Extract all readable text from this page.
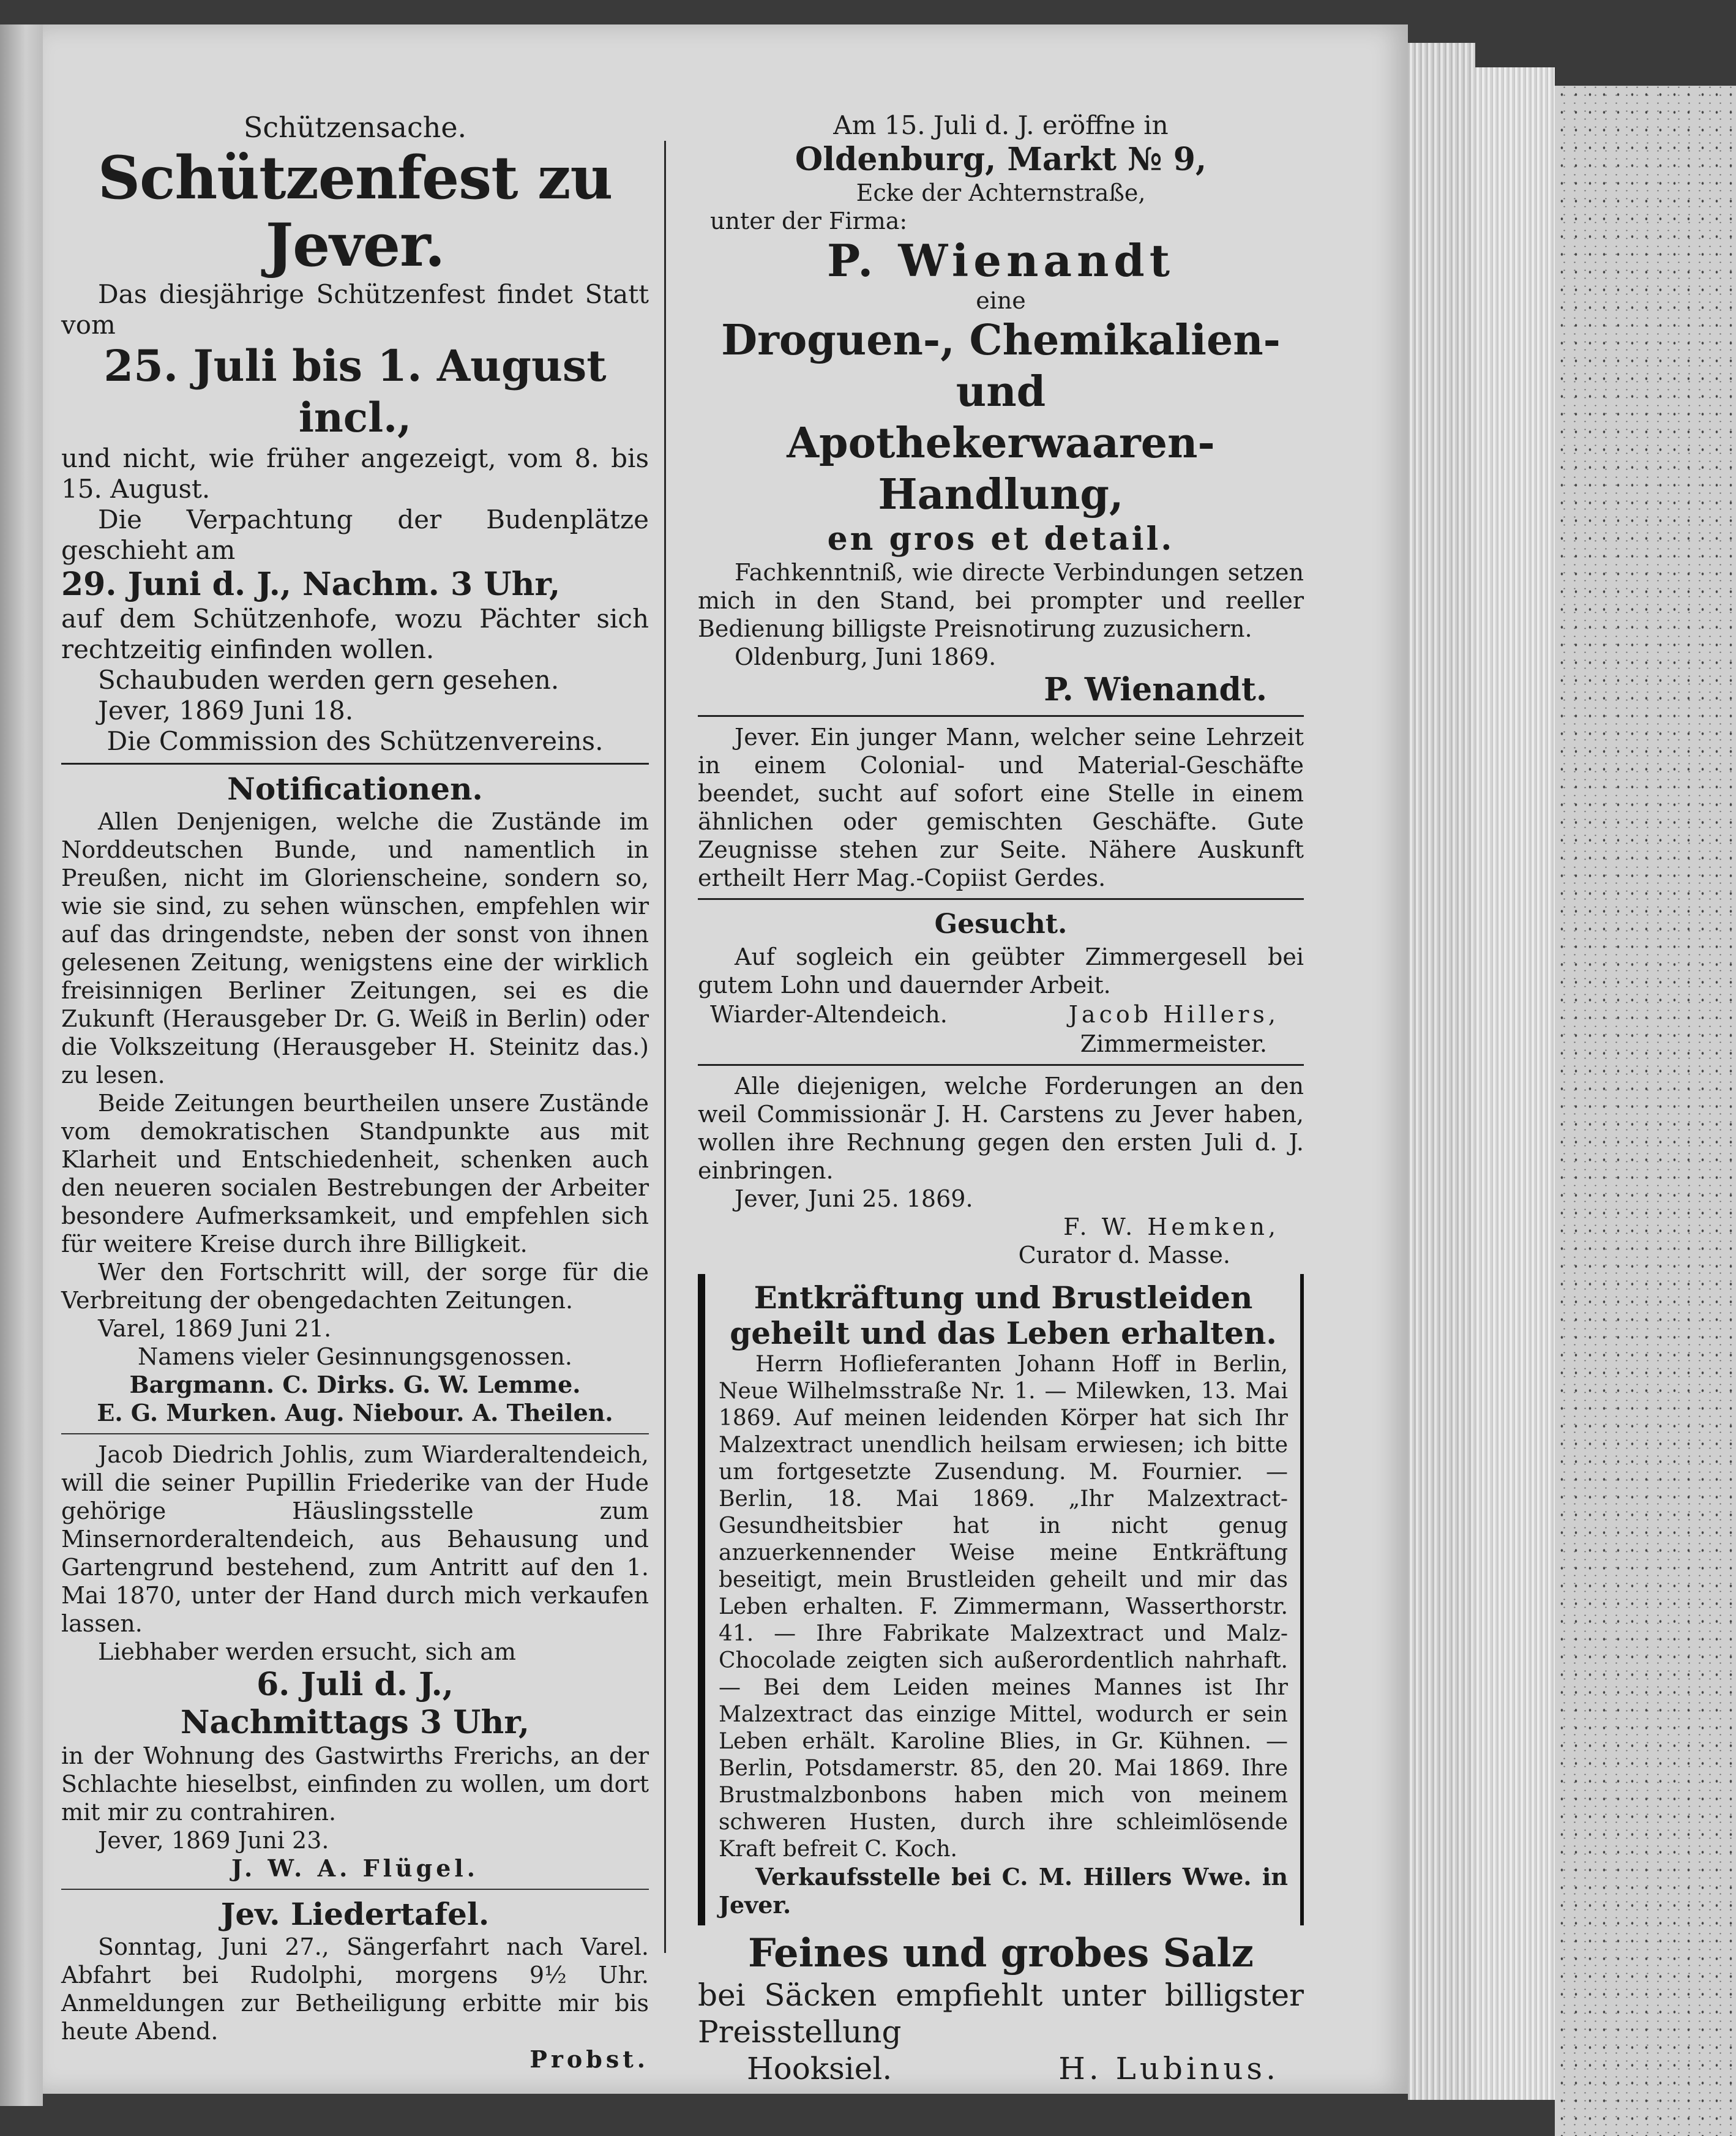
Schützensache.
Schützenfest zu Jever.

Das diesjährige Schützenfest findet Statt vom

25. Juli bis 1. August
incl.,

und nicht, wie früher angezeigt, vom 8. bis 15. August.

Die Verpachtung der Budenplätze geschieht am

29. Juni d. J., Nachm. 3 Uhr,

auf dem Schützenhofe, wozu Pächter sich rechtzeitig einfinden wollen.

Schaubuden werden gern gesehen.

Jever, 1869 Juni 18.

Die Commission des Schützenvereins.

Notificationen.

Allen Denjenigen, welche die Zustände im Norddeutschen Bunde, und namentlich in Preußen, nicht im Glorienscheine, sondern so, wie sie sind, zu sehen wünschen, empfehlen wir auf das dringendste, neben der sonst von ihnen gelesenen Zeitung, wenigstens eine der wirklich freisinnigen Berliner Zeitungen, sei es die Zukunft (Herausgeber Dr. G. Weiß in Berlin) oder die Volkszeitung (Herausgeber H. Steinitz das.) zu lesen.

Beide Zeitungen beurtheilen unsere Zustände vom demokratischen Standpunkte aus mit Klarheit und Entschiedenheit, schenken auch den neueren socialen Bestrebungen der Arbeiter besondere Aufmerksamkeit, und empfehlen sich für weitere Kreise durch ihre Billigkeit.

Wer den Fortschritt will, der sorge für die Verbreitung der obengedachten Zeitungen.

Varel, 1869 Juni 21.

Namens vieler Gesinnungsgenossen.

Bargmann. C. Dirks. G. W. Lemme.

E. G. Murken. Aug. Niebour. A. Theilen.

Jacob Diedrich Johlis, zum Wiarderaltendeich, will die seiner Pupillin Friederike van der Hude gehörige Häuslingsstelle zum Minsernorderaltendeich, aus Behausung und Gartengrund bestehend, zum Antritt auf den 1. Mai 1870, unter der Hand durch mich verkaufen lassen.

Liebhaber werden ersucht, sich am

6. Juli d. J.,
Nachmittags 3 Uhr,

in der Wohnung des Gastwirths Frerichs, an der Schlachte hieselbst, einfinden zu wollen, um dort mit mir zu contrahiren.

Jever, 1869 Juni 23.

J. W. A. Flügel.

Jev. Liedertafel.

Sonntag, Juni 27., Sängerfahrt nach Varel. Abfahrt bei Rudolphi, morgens 9½ Uhr. Anmeldungen zur Betheiligung erbitte mir bis heute Abend.

Probst.

Am 15. Juli d. J. eröffne in

Oldenburg, Markt № 9,

Ecke der Achternstraße,

unter der Firma:

P. Wienandt

eine

Droguen-, Chemikalien- und
Apothekerwaaren-Handlung,
en gros et detail.

Fachkenntniß, wie directe Verbindungen setzen mich in den Stand, bei prompter und reeller Bedienung billigste Preisnotirung zuzusichern.

Oldenburg, Juni 1869.

P. Wienandt.

Jever. Ein junger Mann, welcher seine Lehrzeit in einem Colonial- und Material-Geschäfte beendet, sucht auf sofort eine Stelle in einem ähnlichen oder gemischten Geschäfte. Gute Zeugnisse stehen zur Seite. Nähere Auskunft ertheilt Herr Mag.-Copiist Gerdes.

Gesucht.

Auf sogleich ein geübter Zimmergesell bei gutem Lohn und dauernder Arbeit.

Wiarder-Altendeich.	Jacob Hillers,

Zimmermeister.

Alle diejenigen, welche Forderungen an den weil Commissionär J. H. Carstens zu Jever haben, wollen ihre Rechnung gegen den ersten Juli d. J. einbringen.

Jever, Juni 25. 1869.

F. W. Hemken,

Curator d. Masse.

Entkräftung und Brustleiden geheilt und das Leben erhalten.

Herrn Hoflieferanten Johann Hoff in Berlin, Neue Wilhelmsstraße Nr. 1. — Milewken, 13. Mai 1869. Auf meinen leidenden Körper hat sich Ihr Malzextract unendlich heilsam erwiesen; ich bitte um fortgesetzte Zusendung. M. Fournier. — Berlin, 18. Mai 1869. „Ihr Malzextract-Gesundheitsbier hat in nicht genug anzuerkennender Weise meine Entkräftung beseitigt, mein Brustleiden geheilt und mir das Leben erhalten. F. Zimmermann, Wasserthorstr. 41. — Ihre Fabrikate Malzextract und Malz-Chocolade zeigten sich außerordentlich nahrhaft. — Bei dem Leiden meines Mannes ist Ihr Malzextract das einzige Mittel, wodurch er sein Leben erhält. Karoline Blies, in Gr. Kühnen. — Berlin, Potsdamerstr. 85, den 20. Mai 1869. Ihre Brustmalzbonbons haben mich von meinem schweren Husten, durch ihre schleimlösende Kraft befreit C. Koch.

Verkaufsstelle bei C. M. Hillers Wwe. in Jever.

Feines und grobes Salz

bei Säcken empfiehlt unter billigster Preisstellung

Hooksiel.	H. Lubinus.
